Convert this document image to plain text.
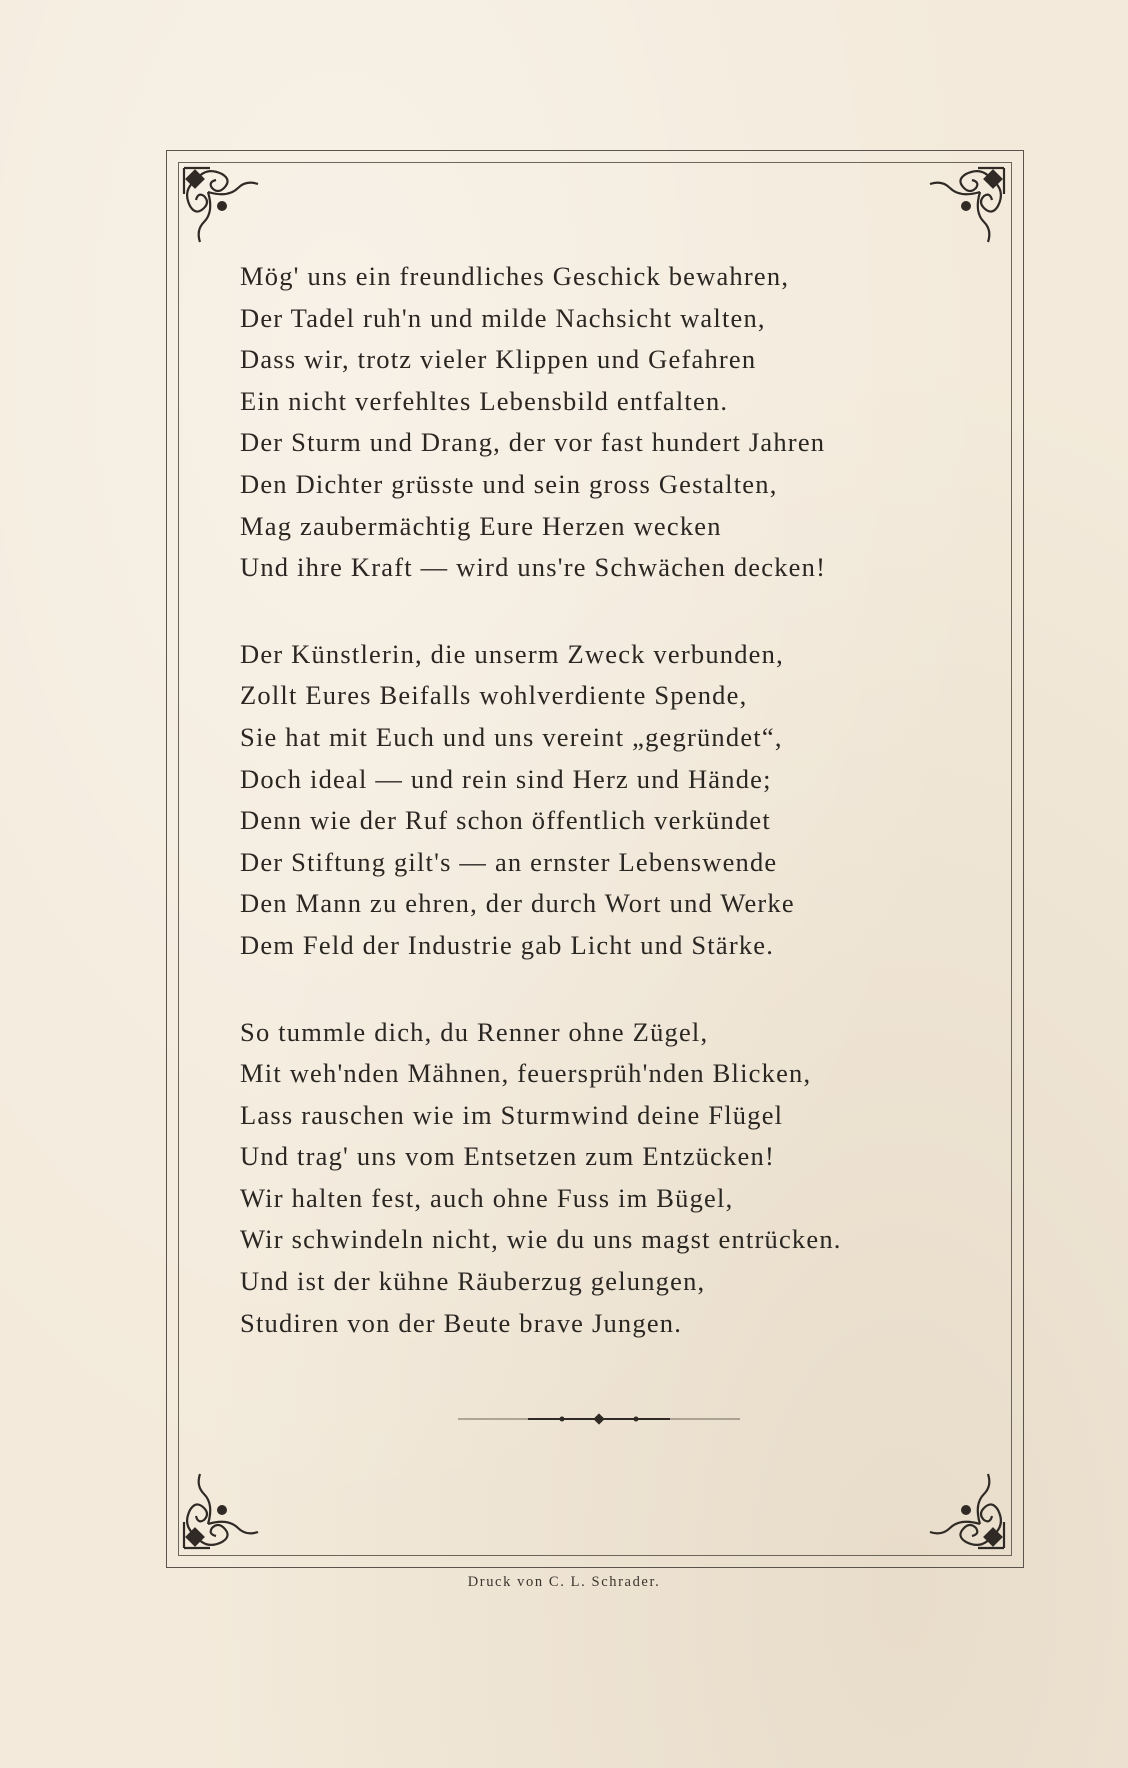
Mög' uns ein freundliches Geschick bewahren,
Der Tadel ruh'n und milde Nachsicht walten,
Dass wir, trotz vieler Klippen und Gefahren
Ein nicht verfehltes Lebensbild entfalten.
Der Sturm und Drang, der vor fast hundert Jahren
Den Dichter grüsste und sein gross Gestalten,
Mag zaubermächtig Eure Herzen wecken
Und ihre Kraft — wird uns're Schwächen decken!

Der Künstlerin, die unserm Zweck verbunden,
Zollt Eures Beifalls wohlverdiente Spende,
Sie hat mit Euch und uns vereint „gegründet“,
Doch ideal — und rein sind Herz und Hände;
Denn wie der Ruf schon öffentlich verkündet
Der Stiftung gilt's — an ernster Lebenswende
Den Mann zu ehren, der durch Wort und Werke
Dem Feld der Industrie gab Licht und Stärke.

So tummle dich, du Renner ohne Zügel,
Mit weh'nden Mähnen, feuersprüh'nden Blicken,
Lass rauschen wie im Sturmwind deine Flügel
Und trag' uns vom Entsetzen zum Entzücken!
Wir halten fest, auch ohne Fuss im Bügel,
Wir schwindeln nicht, wie du uns magst entrücken.
Und ist der kühne Räuberzug gelungen,
Studiren von der Beute brave Jungen.

Druck von C. L. Schrader.
